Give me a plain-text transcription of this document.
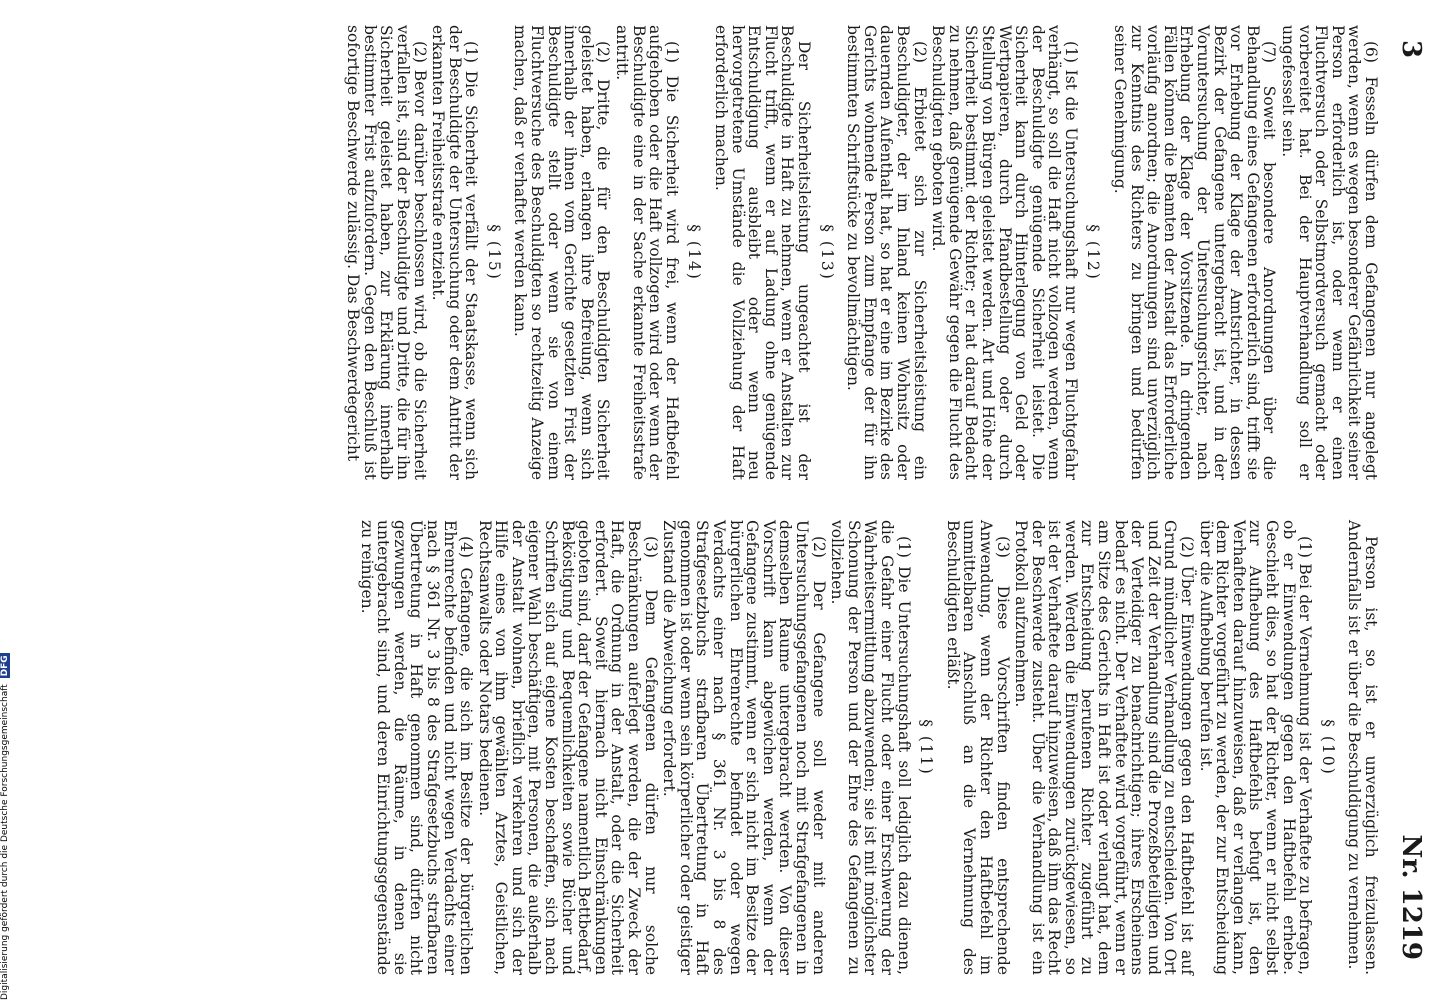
3
Nr. 1219

(6) Fesseln dürfen dem Gefangenen nur angelegt werden, wenn es wegen besonderer Gefährlichkeit seiner Person erforderlich ist, oder wenn er einen Fluchtversuch oder Selbstmordversuch gemacht oder vorbereitet hat. Bei der Hauptverhandlung soll er ungefesselt sein.

(7) Soweit besondere Anordnungen über die Behandlung eines Gefangenen erforderlich sind, trifft sie vor Erhebung der Klage der Amtsrichter, in dessen Bezirk der Gefangene untergebracht ist, und in der Voruntersuchung der Untersuchungsrichter, nach Erhebung der Klage der Vorsitzende. In dringenden Fällen können die Beamten der Anstalt das Erforderliche vorläufig anordnen; die Anordnungen sind unverzüglich zur Kenntnis des Richters zu bringen und bedürfen seiner Genehmigung.

§ (12)

(1) Ist die Untersuchungshaft nur wegen Fluchtgefahr verhängt, so soll die Haft nicht vollzogen werden, wenn der Beschuldigte genügende Sicherheit leistet. Die Sicherheit kann durch Hinterlegung von Geld oder Wertpapieren, durch Pfandbestellung oder durch Stellung von Bürgen geleistet werden. Art und Höhe der Sicherheit bestimmt der Richter; er hat darauf Bedacht zu nehmen, daß genügende Gewähr gegen die Flucht des Beschuldigten geboten wird.

(2) Erbietet sich zur Sicherheitsleistung ein Beschuldigter, der im Inland keinen Wohnsitz oder dauernden Aufenthalt hat, so hat er eine im Bezirke des Gerichts wohnende Person zum Empfange der für ihn bestimmten Schriftstücke zu bevollmächtigen.

§ (13)

Der Sicherheitsleistung ungeachtet ist der Beschuldigte in Haft zu nehmen, wenn er Anstalten zur Flucht trifft, wenn er auf Ladung ohne genügende Entschuldigung ausbleibt oder wenn neu hervorgetretene Umstände die Vollziehung der Haft erforderlich machen.

§ (14)

(1) Die Sicherheit wird frei, wenn der Haftbefehl aufgehoben oder die Haft vollzogen wird oder wenn der Beschuldigte eine in der Sache erkannte Freiheitsstrafe antritt.

(2) Dritte, die für den Beschuldigten Sicherheit geleistet haben, erlangen ihre Befreiung, wenn sich innerhalb der ihnen vom Gerichte gesetzten Frist der Beschuldigte stellt oder wenn sie von einem Fluchtversuche des Beschuldigten so rechtzeitig Anzeige machen, daß er verhaftet werden kann.

§ (15)

(1) Die Sicherheit verfällt der Staatskasse, wenn sich der Beschuldigte der Untersuchung oder dem Antritt der erkannten Freiheitsstrafe entzieht.

(2) Bevor darüber beschlossen wird, ob die Sicherheit verfallen ist, sind der Beschuldigte und Dritte, die für ihn Sicherheit geleistet haben, zur Erklärung innerhalb bestimmter Frist aufzufordern. Gegen den Beschluß ist sofortige Beschwerde zulässig. Das Beschwerdegericht

Person ist, so ist er unverzüglich freizulassen. Andernfalls ist er über die Beschuldigung zu vernehmen.

§ (10)

(1) Bei der Vernehmung ist der Verhaftete zu befragen, ob er Einwendungen gegen den Haftbefehl erhebe. Geschieht dies, so hat der Richter, wenn er nicht selbst zur Aufhebung des Haftbefehls befugt ist, den Verhafteten darauf hinzuweisen, daß er verlangen kann, dem Richter vorgeführt zu werden, der zur Entscheidung über die Aufhebung berufen ist.

(2) Über Einwendungen gegen den Haftbefehl ist auf Grund mündlicher Verhandlung zu entscheiden. Von Ort und Zeit der Verhandlung sind die Prozeßbeteiligten und der Verteidiger zu benachrichtigen; ihres Erscheinens bedarf es nicht. Der Verhaftete wird vorgeführt, wenn er am Sitze des Gerichts in Haft ist oder verlangt hat, dem zur Entscheidung berufenen Richter zugeführt zu werden. Werden die Einwendungen zurückgewiesen, so ist der Verhaftete darauf hinzuweisen, daß ihm das Recht der Beschwerde zusteht. Über die Verhandlung ist ein Protokoll aufzunehmen.

(3) Diese Vorschriften finden entsprechende Anwendung, wenn der Richter den Haftbefehl im unmittelbaren Anschluß an die Vernehmung des Beschuldigten erläßt.

§ (11)

(1) Die Untersuchungshaft soll lediglich dazu dienen, die Gefahr einer Flucht oder einer Erschwerung der Wahrheitsermittlung abzuwenden; sie ist mit möglichster Schonung der Person und der Ehre des Gefangenen zu vollziehen.

(2) Der Gefangene soll weder mit anderen Untersuchungsgefangenen noch mit Strafgefangenen in demselben Raume untergebracht werden. Von dieser Vorschrift kann abgewichen werden, wenn der Gefangene zustimmt, wenn er sich nicht im Besitze der bürgerlichen Ehrenrechte befindet oder wegen Verdachts einer nach § 361 Nr. 3 bis 8 des Strafgesetzbuchs strafbaren Übertretung in Haft genommen ist oder wenn sein körperlicher oder geistiger Zustand die Abweichung erfordert.

(3) Dem Gefangenen dürfen nur solche Beschränkungen auferlegt werden, die der Zweck der Haft, die Ordnung in der Anstalt, oder die Sicherheit erfordert. Soweit hiernach nicht Einschränkungen geboten sind, darf der Gefangene namentlich Bettbedarf, Beköstigung und Bequemlichkeiten sowie Bücher und Schriften sich auf eigene Kosten beschaffen, sich nach eigener Wahl beschäftigen, mit Personen, die außerhalb der Anstalt wohnen, brieflich verkehren und sich der Hilfe eines von ihm gewählten Arztes, Geistlichen, Rechtsanwalts oder Notars bedienen.

(4) Gefangene, die sich im Besitze der bürgerlichen Ehrenrechte befinden und nicht wegen Verdachts einer nach § 361 Nr. 3 bis 8 des Strafgesetzbuchs strafbaren Übertretung in Haft genommen sind, dürfen nicht gezwungen werden, die Räume, in denen sie untergebracht sind, und deren Einrichtungsgegenstände zu reinigen.

Digitalisierung gefördert durch die Deutsche Forschungsgemeinschaft DFG
